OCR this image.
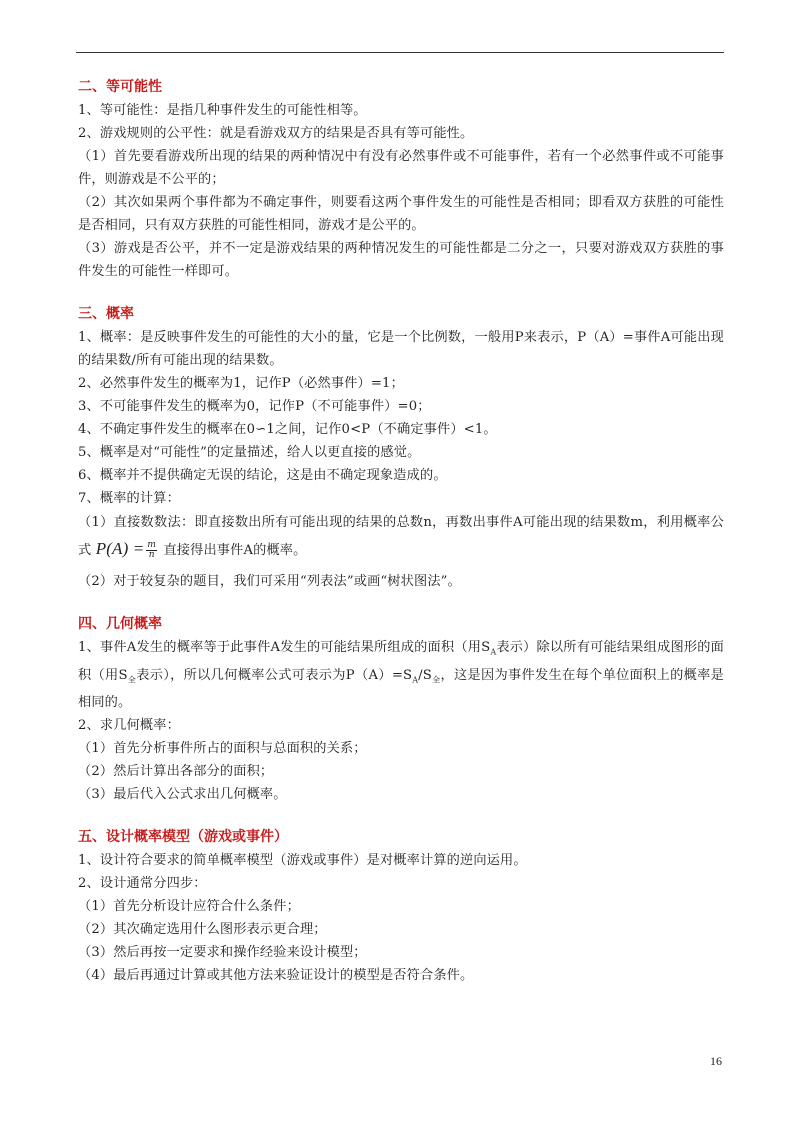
二、等可能性

1、等可能性：是指几种事件发生的可能性相等。

2、游戏规则的公平性：就是看游戏双方的结果是否具有等可能性。

（1）首先要看游戏所出现的结果的两种情况中有没有必然事件或不可能事件，若有一个必然事件或不可能事件，则游戏是不公平的；

（2）其次如果两个事件都为不确定事件，则要看这两个事件发生的可能性是否相同；即看双方获胜的可能性是否相同，只有双方获胜的可能性相同，游戏才是公平的。

（3）游戏是否公平，并不一定是游戏结果的两种情况发生的可能性都是二分之一，只要对游戏双方获胜的事件发生的可能性一样即可。

三、概率

1、概率：是反映事件发生的可能性的大小的量，它是一个比例数，一般用P来表示，P（A）=事件A可能出现的结果数/所有可能出现的结果数。

2、必然事件发生的概率为1，记作P（必然事件）=1；

3、不可能事件发生的概率为0，记作P（不可能事件）=0；

4、不确定事件发生的概率在0∽1之间，记作0<P（不确定事件）<1。

5、概率是对“可能性”的定量描述，给人以更直接的感觉。

6、概率并不提供确定无误的结论，这是由不确定现象造成的。

7、概率的计算：

（1）直接数数法：即直接数出所有可能出现的结果的总数n，再数出事件A可能出现的结果数m，利用概率公式 $P(A) = \frac{m}{n}$ 直接得出事件A的概率。

（2）对于较复杂的题目，我们可采用“列表法”或画“树状图法”。

四、几何概率

1、事件A发生的概率等于此事件A发生的可能结果所组成的面积（用$S_A$表示）除以所有可能结果组成图形的面积（用$S_全$表示），所以几何概率公式可表示为$P(A)=S_A/S_全$，这是因为事件发生在每个单位面积上的概率是相同的。

2、求几何概率：

（1）首先分析事件所占的面积与总面积的关系；

（2）然后计算出各部分的面积；

（3）最后代入公式求出几何概率。

五、设计概率模型（游戏或事件）

1、设计符合要求的简单概率模型（游戏或事件）是对概率计算的逆向运用。

2、设计通常分四步：

（1）首先分析设计应符合什么条件；

（2）其次确定选用什么图形表示更合理；

（3）然后再按一定要求和操作经验来设计模型；

（4）最后再通过计算或其他方法来验证设计的模型是否符合条件。

16
